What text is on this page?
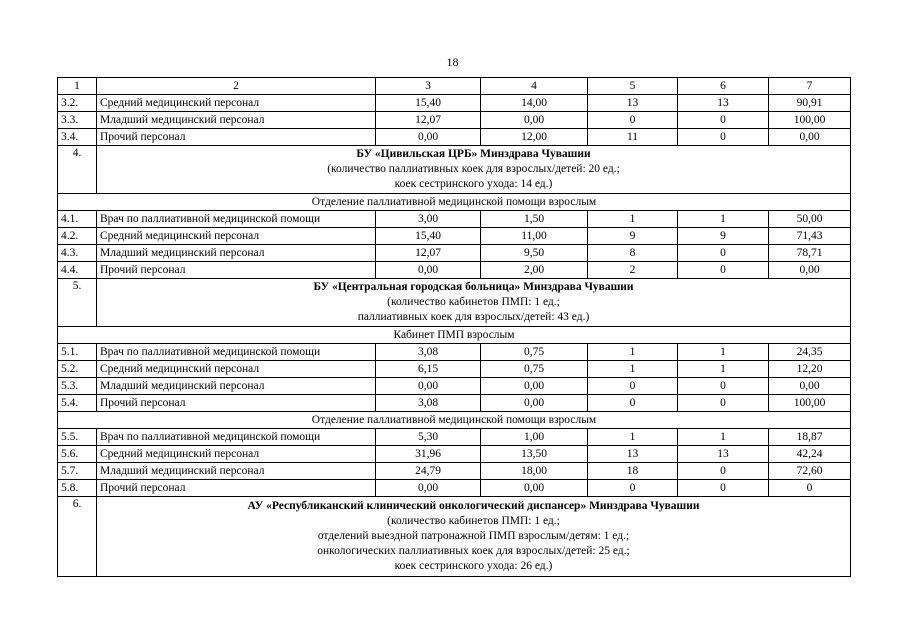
18
1	2	3	4	5	6	7
3.2.	Средний медицинский персонал	15,40	14,00	13	13	90,91
3.3.	Младший медицинский персонал	12,07	0,00	0	0	100,00
3.4.	Прочий персонал	0,00	12,00	11	0	0,00
4.	БУ «Цивильская ЦРБ» Минздрава Чувашии
(количество паллиативных коек для взрослых/детей: 20 ед.;
коек сестринского ухода: 14 ед.)					

Отделение паллиативной медицинской помощи взрослым						
4.1.	Врач по паллиативной медицинской помощи	3,00	1,50	1	1	50,00
4.2.	Средний медицинский персонал	15,40	11,00	9	9	71,43
4.3.	Младший медицинский персонал	12,07	9,50	8	0	78,71
4.4.	Прочий персонал	0,00	2,00	2	0	0,00
5.	БУ «Центральная городская больница» Минздрава Чувашии
(количество кабинетов ПМП: 1 ед.;
паллиативных коек для взрослых/детей: 43 ед.)					

Кабинет ПМП взрослым						
5.1.	Врач по паллиативной медицинской помощи	3,08	0,75	1	1	24,35
5.2.	Средний медицинский персонал	6,15	0,75	1	1	12,20
5.3.	Младший медицинский персонал	0,00	0,00	0	0	0,00
5.4.	Прочий персонал	3,08	0,00	0	0	100,00
Отделение паллиативной медицинской помощи взрослым						
5.5.	Врач по паллиативной медицинской помощи	5,30	1,00	1	1	18,87
5.6.	Средний медицинский персонал	31,96	13,50	13	13	42,24
5.7.	Младший медицинский персонал	24,79	18,00	18	0	72,60
5.8.	Прочий персонал	0,00	0,00	0	0	0
6.	АУ «Республиканский клинический онкологический диспансер» Минздрава Чувашии
(количество кабинетов ПМП: 1 ед.;
отделений выездной патронажной ПМП взрослым/детям: 1 ед.;
онкологических паллиативных коек для взрослых/детей: 25 ед.;
коек сестринского ухода: 26 ед.)					
